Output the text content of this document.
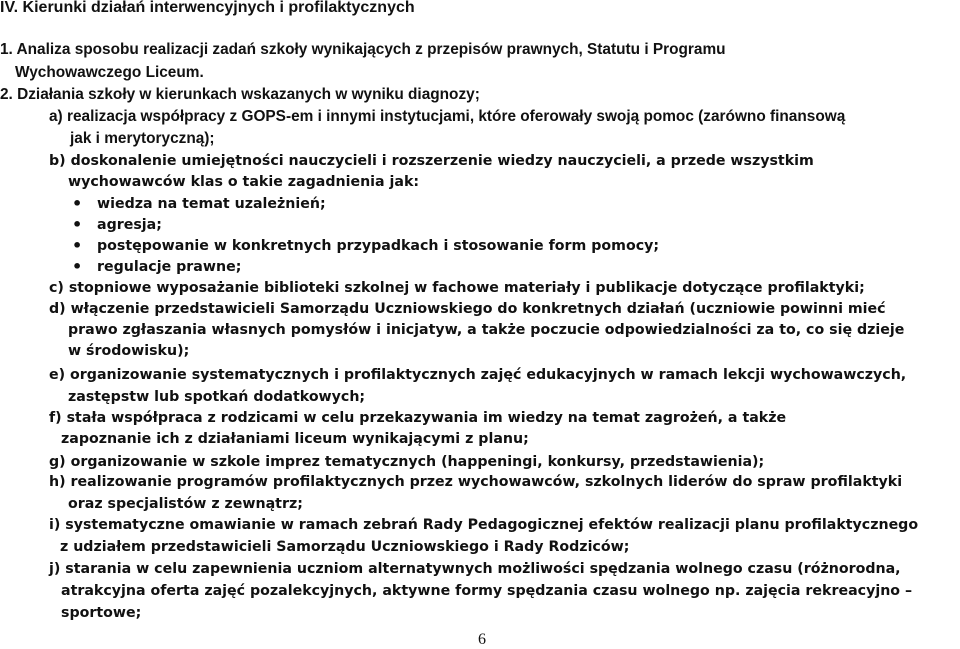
IV. Kierunki działań interwencyjnych i profilaktycznych
1. Analiza sposobu realizacji zadań szkoły wynikających z przepisów prawnych, Statutu i Programu
Wychowawczego Liceum.
2. Działania szkoły w kierunkach wskazanych w wyniku diagnozy;
a) realizacja współpracy z GOPS-em i innymi instytucjami, które oferowały swoją pomoc (zarówno finansową
jak i merytoryczną);
b) doskonalenie umiejętności nauczycieli i rozszerzenie wiedzy nauczycieli, a przede wszystkim
wychowawców klas o takie zagadnienia jak:
• wiedza na temat uzależnień;
• agresja;
• postępowanie w konkretnych przypadkach i stosowanie form pomocy;
• regulacje prawne;
c) stopniowe wyposażanie biblioteki szkolnej w fachowe materiały i publikacje dotyczące profilaktyki;
d) włączenie przedstawicieli Samorządu Uczniowskiego do konkretnych działań (uczniowie powinni mieć
prawo zgłaszania własnych pomysłów i inicjatyw, a także poczucie odpowiedzialności za to, co się dzieje
w środowisku);
e) organizowanie systematycznych i profilaktycznych zajęć edukacyjnych w ramach lekcji wychowawczych,
zastępstw lub spotkań dodatkowych;
f) stała współpraca z rodzicami w celu przekazywania im wiedzy na temat zagrożeń, a także
zapoznanie ich z działaniami liceum wynikającymi z planu;
g) organizowanie w szkole imprez tematycznych (happeningi, konkursy, przedstawienia);
h) realizowanie programów profilaktycznych przez wychowawców, szkolnych liderów do spraw profilaktyki
oraz specjalistów z zewnątrz;
i) systematyczne omawianie w ramach zebrań Rady Pedagogicznej efektów realizacji planu profilaktycznego
z udziałem przedstawicieli Samorządu Uczniowskiego i Rady Rodziców;
j) starania w celu zapewnienia uczniom alternatywnych możliwości spędzania wolnego czasu (różnorodna,
atrakcyjna oferta zajęć pozalekcyjnych, aktywne formy spędzania czasu wolnego np. zajęcia rekreacyjno –
sportowe;
6
